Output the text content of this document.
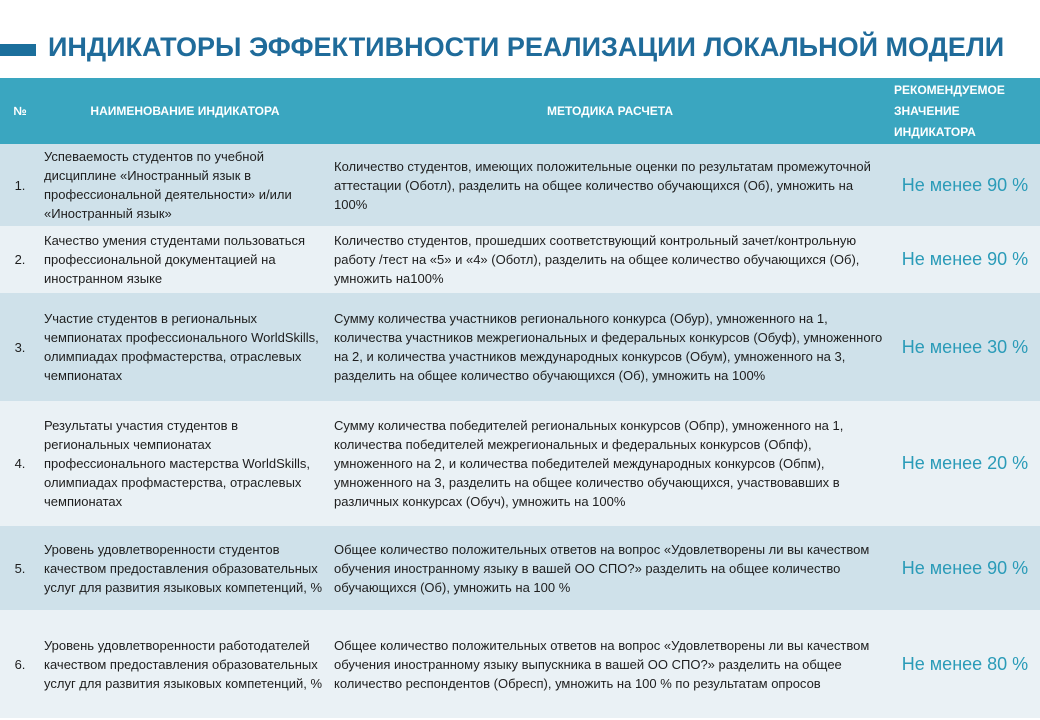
ИНДИКАТОРЫ ЭФФЕКТИВНОСТИ РЕАЛИЗАЦИИ ЛОКАЛЬНОЙ МОДЕЛИ
№	НАИМЕНОВАНИЕ ИНДИКАТОРА	МЕТОДИКА РАСЧЕТА	РЕКОМЕНДУЕМОЕ ЗНАЧЕНИЕ ИНДИКАТОРА
1.	Успеваемость студентов по учебной дисциплине «Иностранный язык в профессиональной деятельности» и/или «Иностранный язык»	Количество студентов, имеющих положительные оценки по результатам промежуточной аттестации (Оботл), разделить на общее количество обучающихся (Об), умножить на 100%	Не менее 90 %
2.	Качество умения студентами пользоваться профессиональной документацией на иностранном языке	Количество студентов, прошедших соответствующий контрольный зачет/контрольную работу /тест на «5» и «4» (Оботл), разделить на общее количество обучающихся (Об), умножить на100%	Не менее 90 %
3.	Участие студентов в региональных чемпионатах профессионального WorldSkills, олимпиадах профмастерства, отраслевых чемпионатах	Сумму количества участников регионального конкурса (Обур), умноженного на 1, количества участников межрегиональных и федеральных конкурсов (Обуф), умноженного на 2, и количества участников международных конкурсов (Обум), умноженного на 3, разделить на общее количество обучающихся (Об), умножить на 100%	Не менее 30 %
4.	Результаты участия студентов в региональных чемпионатах профессионального мастерства WorldSkills, олимпиадах профмастерства, отраслевых чемпионатах	Сумму количества победителей региональных конкурсов (Обпр), умноженного на 1, количества победителей межрегиональных и федеральных конкурсов (Обпф), умноженного на 2, и количества победителей международных конкурсов (Обпм), умноженного на 3, разделить на общее количество обучающихся, участвовавших в различных конкурсах (Обуч), умножить на 100%	Не менее 20 %
5.	Уровень удовлетворенности студентов качеством предоставления образовательных услуг для развития языковых компетенций, %	Общее количество положительных ответов на вопрос «Удовлетворены ли вы качеством обучения иностранному языку в вашей ОО СПО?» разделить на общее количество обучающихся (Об), умножить на 100 %	Не менее 90 %
6.	Уровень удовлетворенности работодателей качеством предоставления образовательных услуг для развития языковых компетенций, %	Общее количество положительных ответов на вопрос «Удовлетворены ли вы качеством обучения иностранному языку выпускника в вашей ОО СПО?» разделить на общее количество респондентов (Обресп), умножить на 100 % по результатам опросов	Не менее 80 %
